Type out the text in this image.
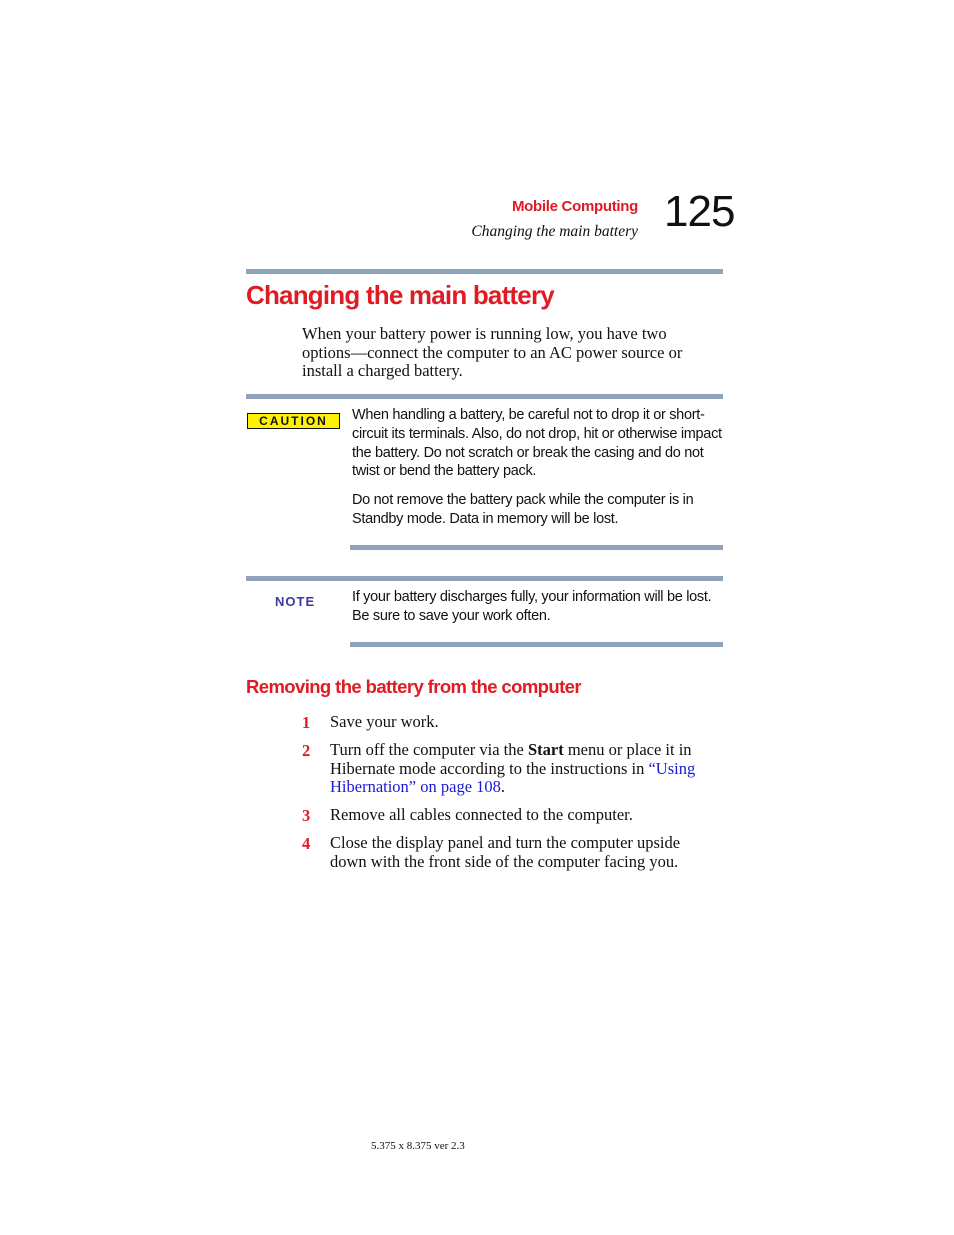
Mobile Computing
Changing the main battery 125
Changing the main battery
When your battery power is running low, you have two options—connect the computer to an AC power source or install a charged battery.
CAUTION	When handling a battery, be careful not to drop it or short-circuit its terminals. Also, do not drop, hit or otherwise impact the battery. Do not scratch or break the casing and do not twist or bend the battery pack.
Do not remove the battery pack while the computer is in Standby mode. Data in memory will be lost.
NOTE	If your battery discharges fully, your information will be lost. Be sure to save your work often.
Removing the battery from the computer
1	Save your work.
2	Turn off the computer via the Start menu or place it in Hibernate mode according to the instructions in “Using Hibernation” on page 108.
3	Remove all cables connected to the computer.
4	Close the display panel and turn the computer upside down with the front side of the computer facing you.
5.375 x 8.375 ver 2.3
